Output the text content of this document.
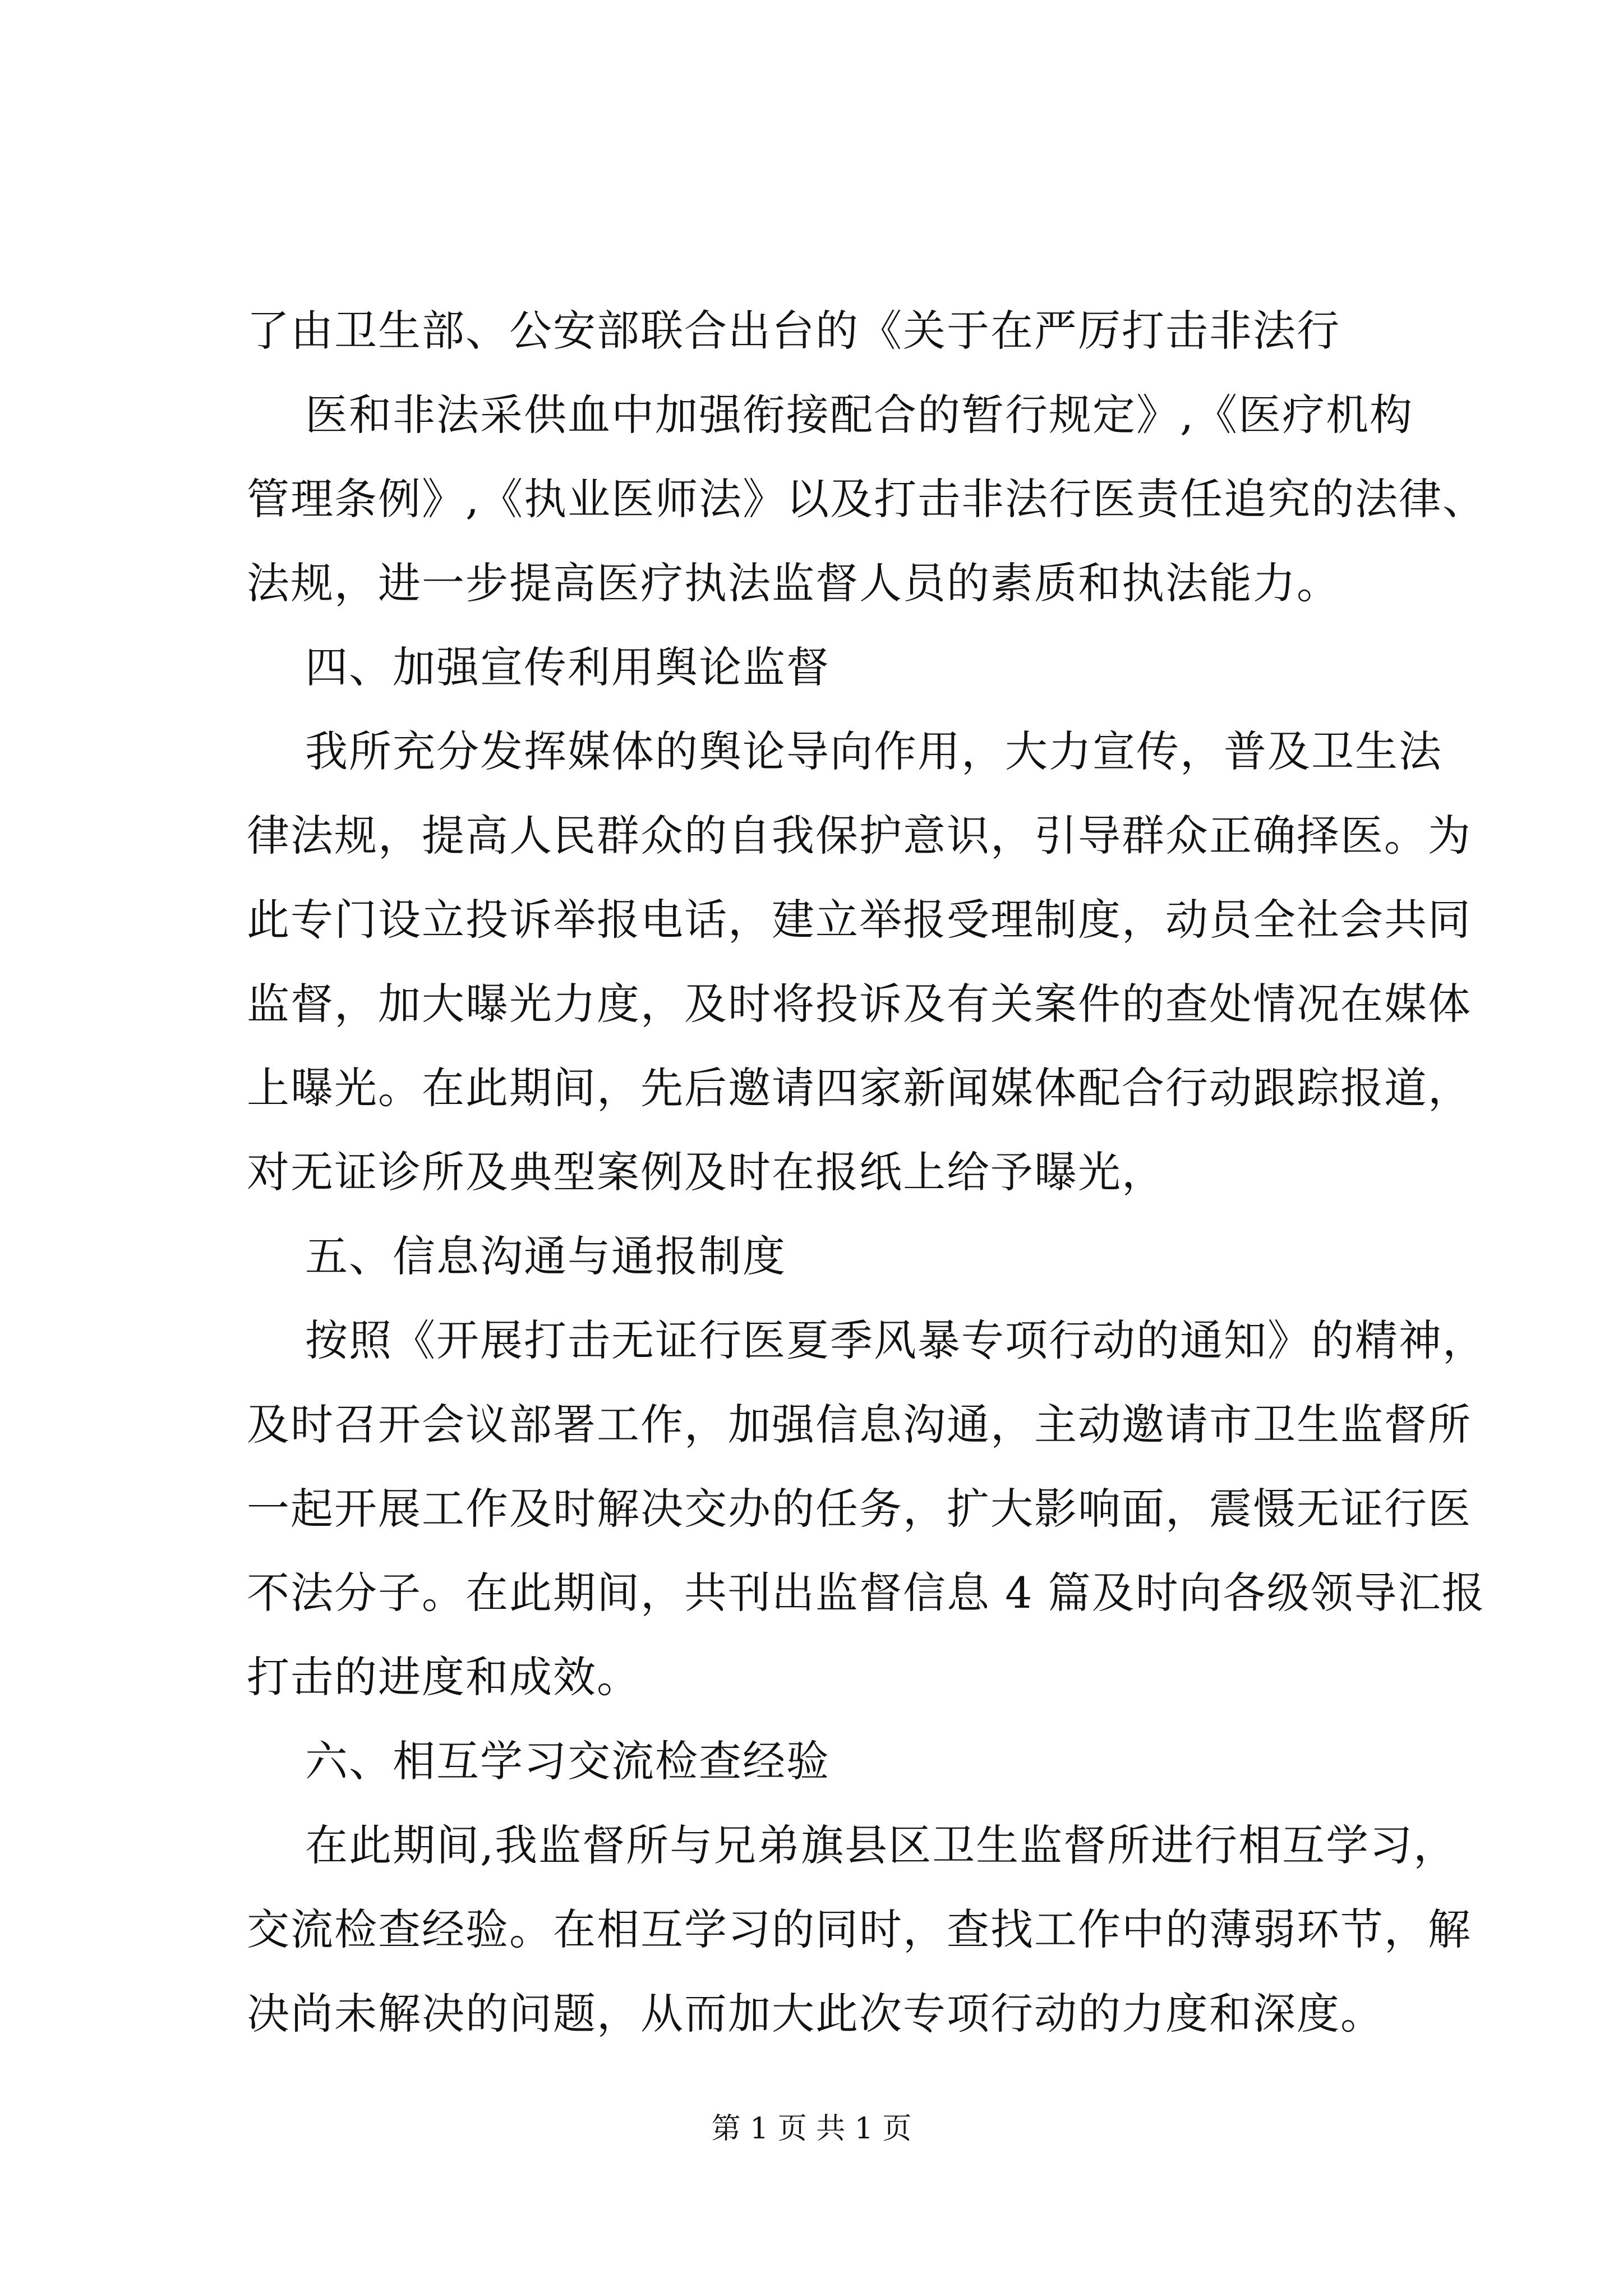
了由卫生部、公安部联合出台的《关于在严厉打击非法行

医和非法采供血中加强衔接配合的暂行规定》,《医疗机构

管理条例》,《执业医师法》以及打击非法行医责任追究的法律、

法规，进一步提高医疗执法监督人员的素质和执法能力。

四、加强宣传利用舆论监督

我所充分发挥媒体的舆论导向作用，大力宣传，普及卫生法

律法规，提高人民群众的自我保护意识，引导群众正确择医。为

此专门设立投诉举报电话，建立举报受理制度，动员全社会共同

监督，加大曝光力度，及时将投诉及有关案件的查处情况在媒体

上曝光。在此期间，先后邀请四家新闻媒体配合行动跟踪报道，

对无证诊所及典型案例及时在报纸上给予曝光，

五、信息沟通与通报制度

按照《开展打击无证行医夏季风暴专项行动的通知》的精神，

及时召开会议部署工作，加强信息沟通，主动邀请市卫生监督所

一起开展工作及时解决交办的任务，扩大影响面，震慑无证行医

不法分子。在此期间，共刊出监督信息 4 篇及时向各级领导汇报

打击的进度和成效。

六、相互学习交流检查经验

在此期间,我监督所与兄弟旗县区卫生监督所进行相互学习，

交流检查经验。在相互学习的同时，查找工作中的薄弱环节，解

决尚未解决的问题，从而加大此次专项行动的力度和深度。

第 1 页 共 1 页
